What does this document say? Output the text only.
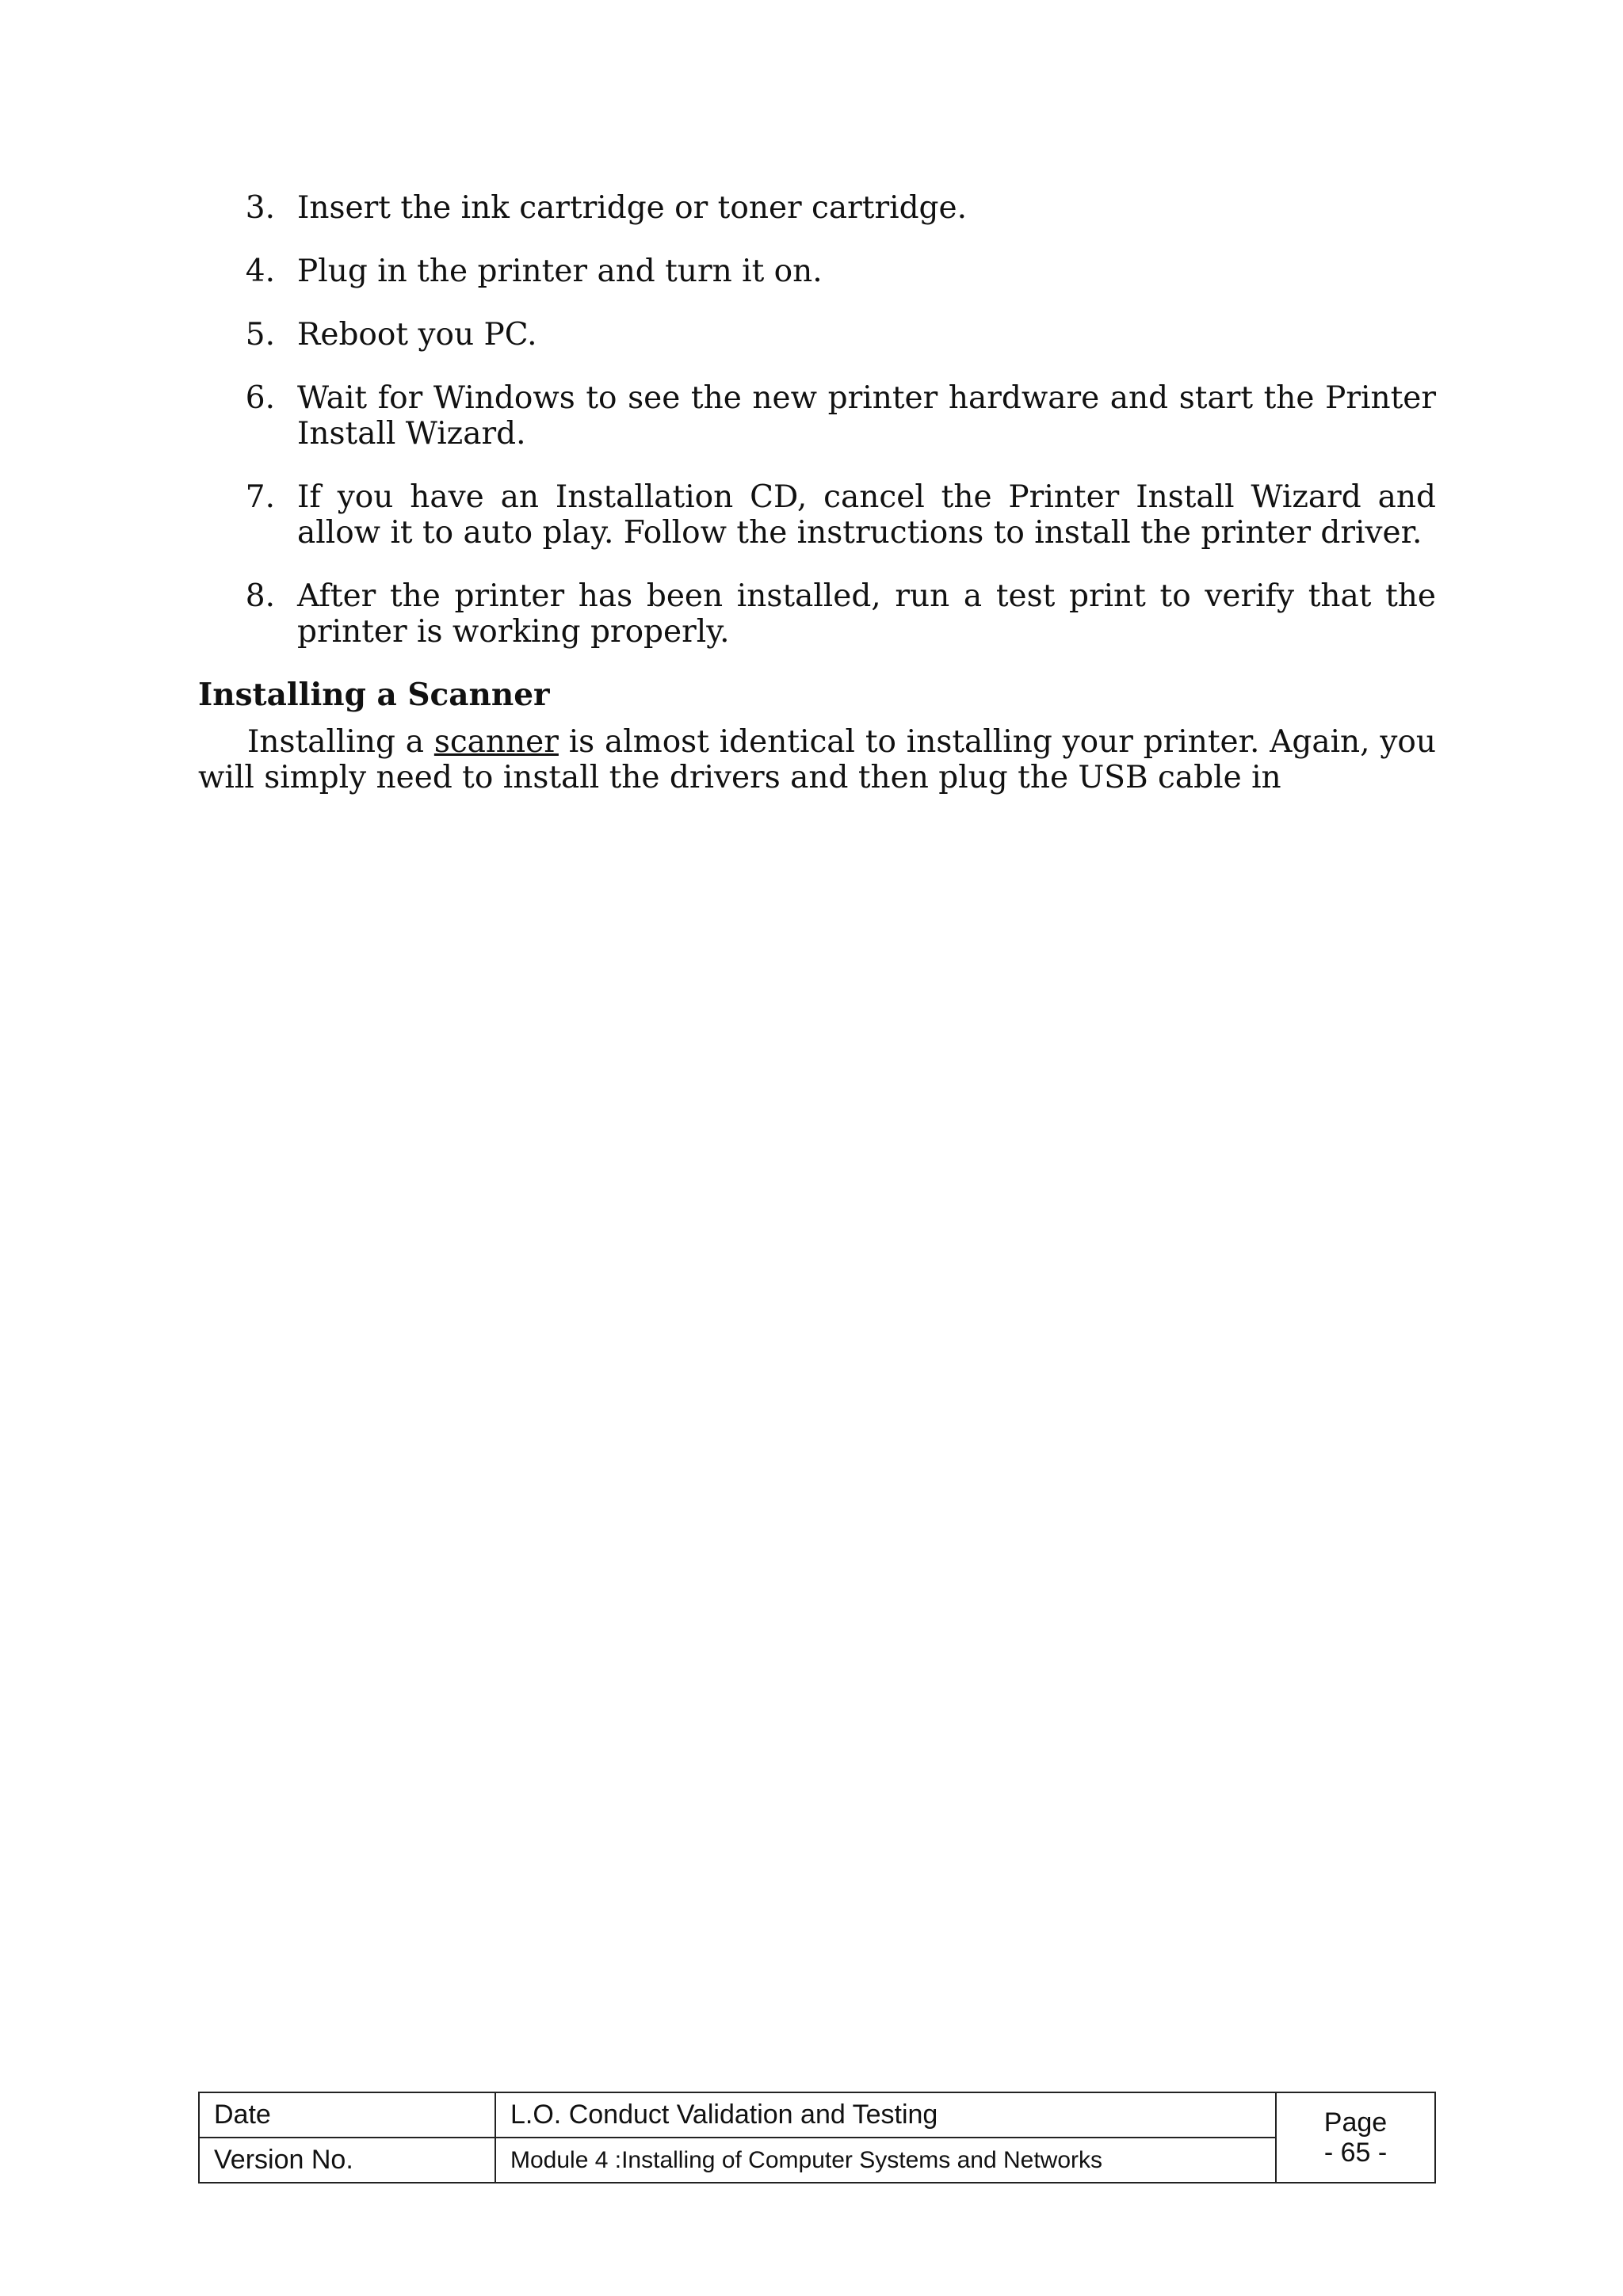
3. Insert the ink cartridge or toner cartridge.
4. Plug in the printer and turn it on.
5. Reboot you PC.
6. Wait for Windows to see the new printer hardware and start the Printer Install Wizard.
7. If you have an Installation CD, cancel the Printer Install Wizard and allow it to auto play. Follow the instructions to install the printer driver.
8. After the printer has been installed, run a test print to verify that the printer is working properly.
Installing a Scanner

Installing a scanner is almost identical to installing your printer. Again, you will simply need to install the drivers and then plug the USB cable in

Date	L.O. Conduct Validation and Testing	Page
- 65 -

Version No.	Module 4 :Installing of Computer Systems and Networks	
